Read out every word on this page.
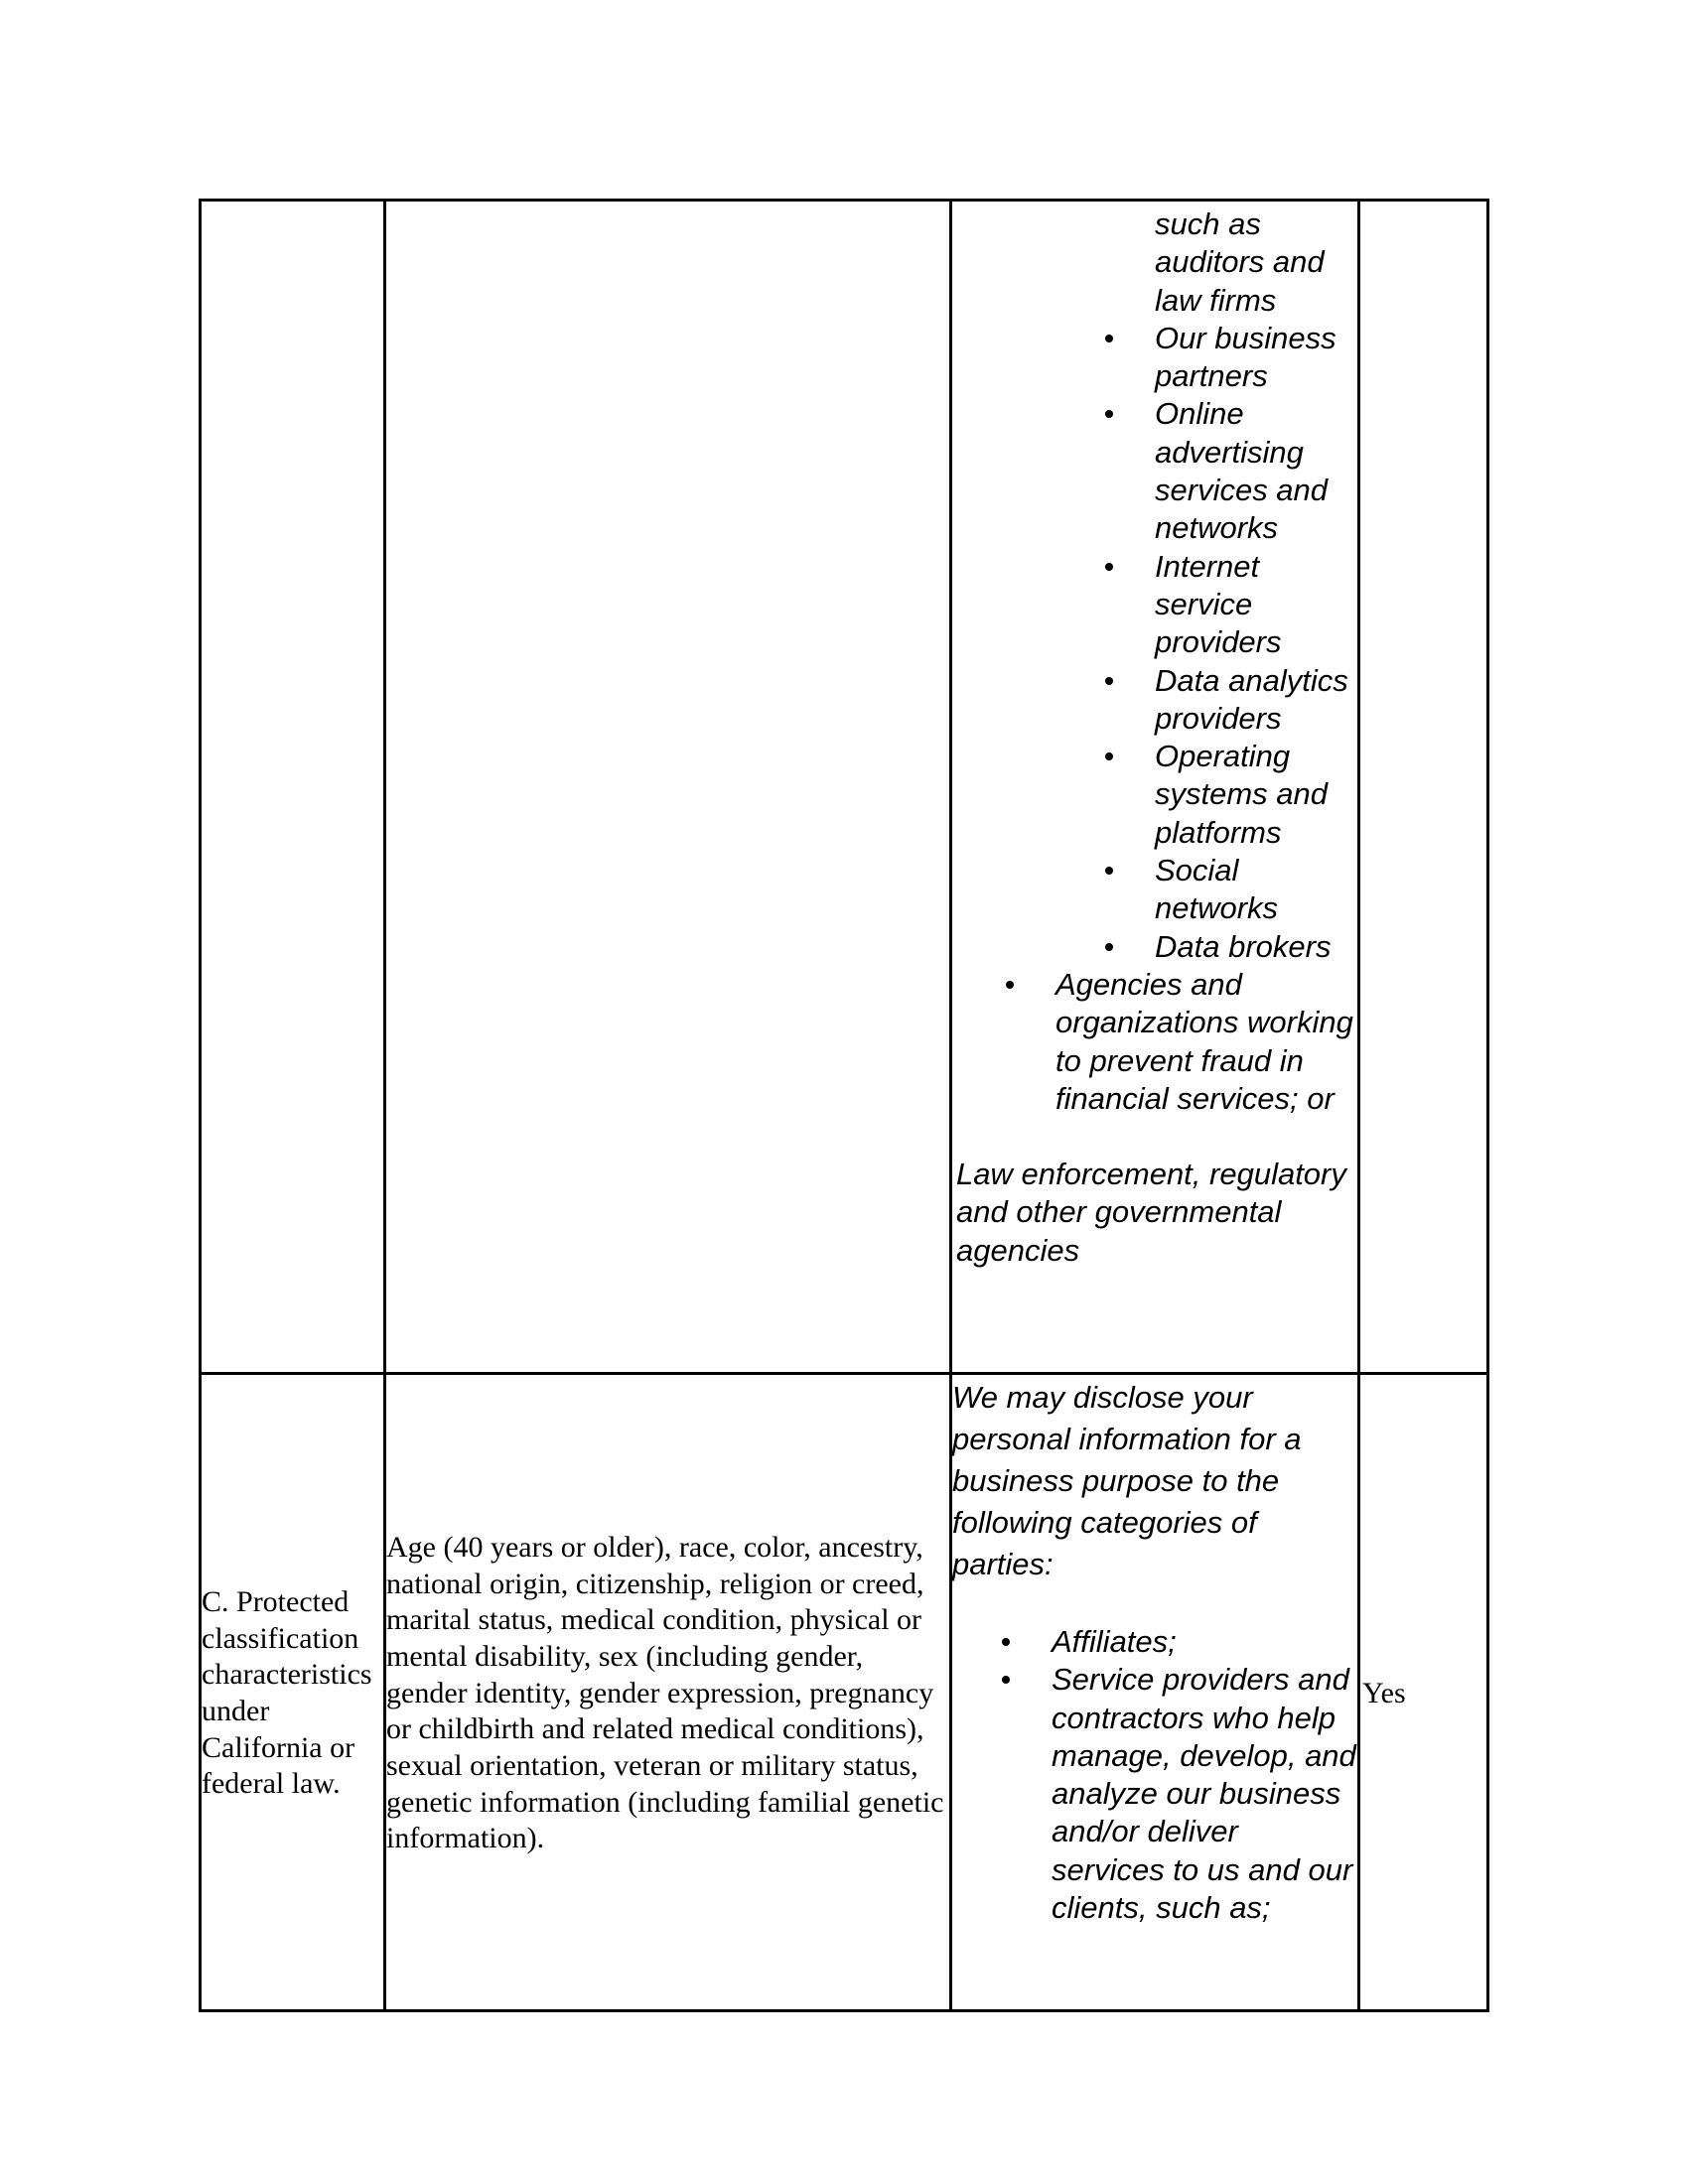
such as auditors and law firms
Our business partners
Online advertising services and networks
Internet service providers
Data analytics providers
Operating systems and platforms
Social networks
Data brokers
Agencies and organizations working to prevent fraud in financial services; or

Law enforcement, regulatory and other governmental agencies

C. Protected classification characteristics under California or federal law.
Age (40 years or older), race, color, ancestry, national origin, citizenship, religion or creed, marital status, medical condition, physical or mental disability, sex (including gender, gender identity, gender expression, pregnancy or childbirth and related medical conditions), sexual orientation, veteran or military status, genetic information (including familial genetic information).

We may disclose your personal information for a business purpose to the following categories of parties:

Affiliates;
Service providers and contractors who help manage, develop, and analyze our business and/or deliver services to us and our clients, such as;
Yes
